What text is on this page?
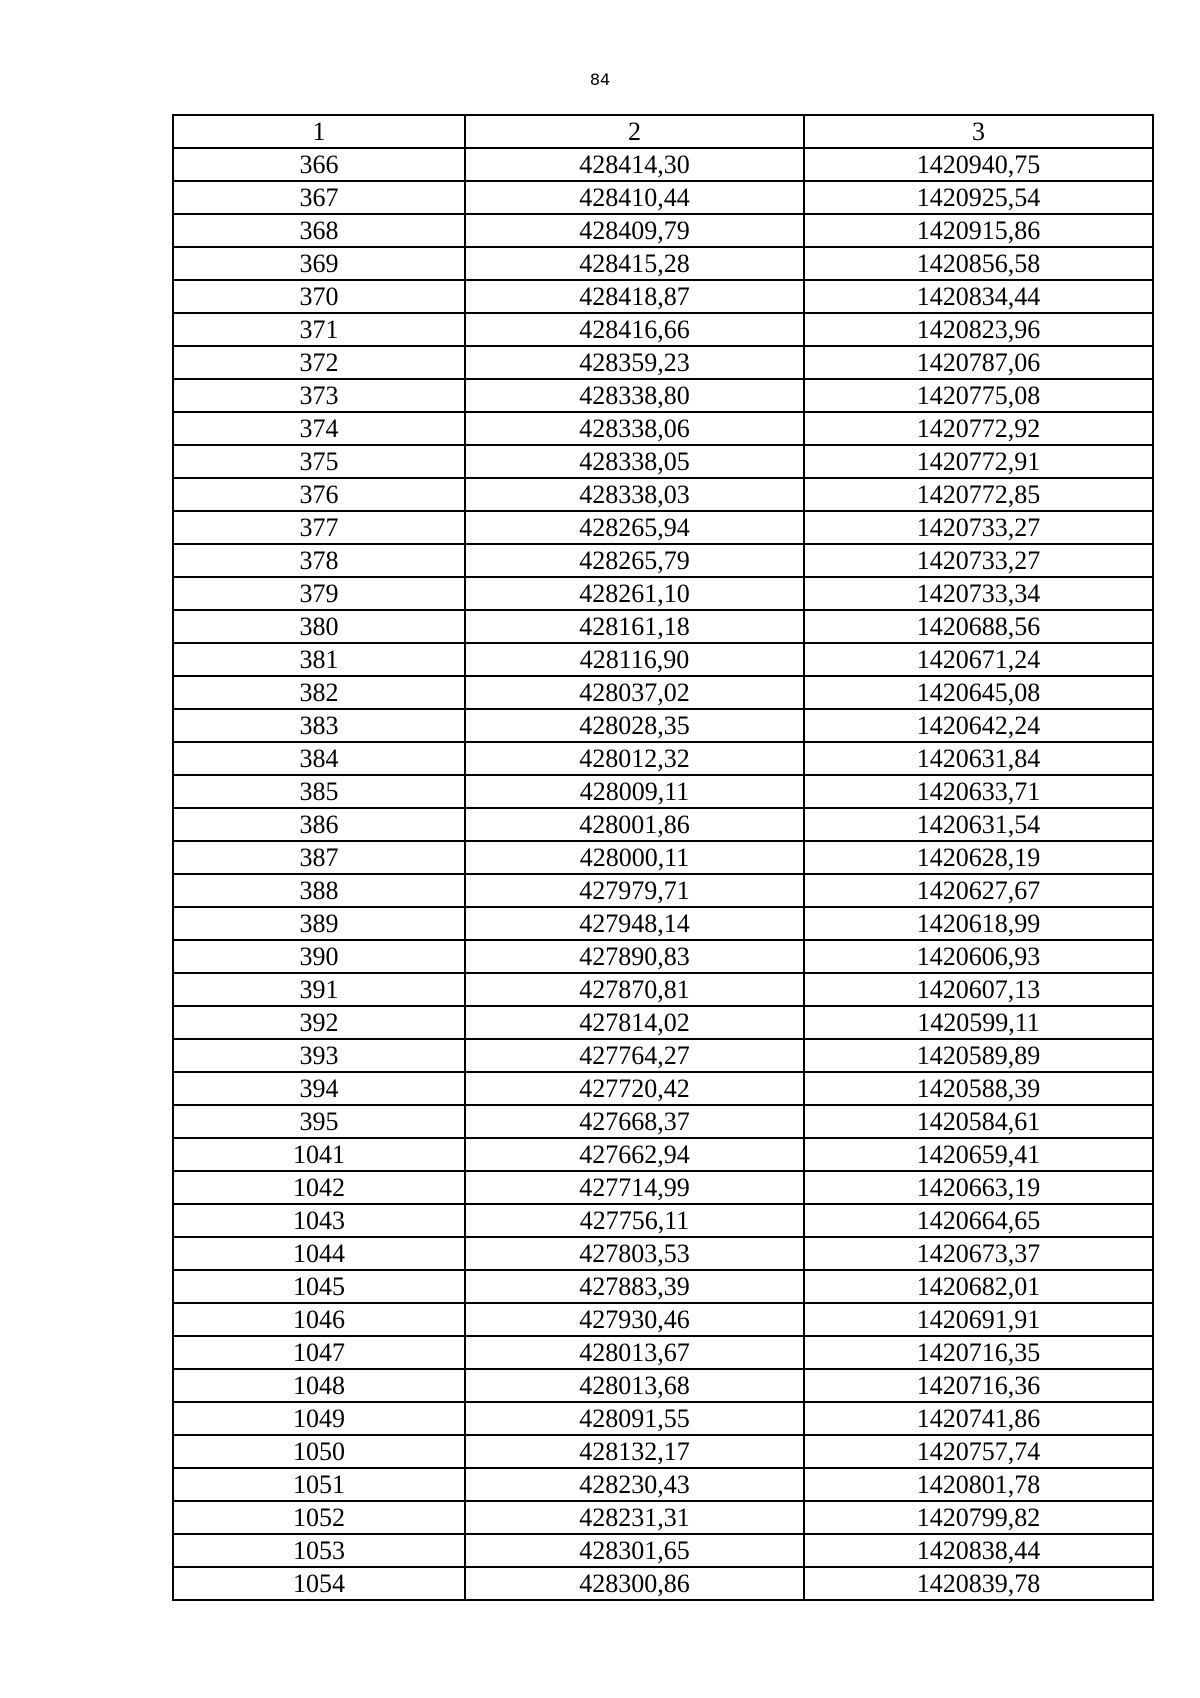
84
1	2	3
366	428414,30	1420940,75
367	428410,44	1420925,54
368	428409,79	1420915,86
369	428415,28	1420856,58
370	428418,87	1420834,44
371	428416,66	1420823,96
372	428359,23	1420787,06
373	428338,80	1420775,08
374	428338,06	1420772,92
375	428338,05	1420772,91
376	428338,03	1420772,85
377	428265,94	1420733,27
378	428265,79	1420733,27
379	428261,10	1420733,34
380	428161,18	1420688,56
381	428116,90	1420671,24
382	428037,02	1420645,08
383	428028,35	1420642,24
384	428012,32	1420631,84
385	428009,11	1420633,71
386	428001,86	1420631,54
387	428000,11	1420628,19
388	427979,71	1420627,67
389	427948,14	1420618,99
390	427890,83	1420606,93
391	427870,81	1420607,13
392	427814,02	1420599,11
393	427764,27	1420589,89
394	427720,42	1420588,39
395	427668,37	1420584,61
1041	427662,94	1420659,41
1042	427714,99	1420663,19
1043	427756,11	1420664,65
1044	427803,53	1420673,37
1045	427883,39	1420682,01
1046	427930,46	1420691,91
1047	428013,67	1420716,35
1048	428013,68	1420716,36
1049	428091,55	1420741,86
1050	428132,17	1420757,74
1051	428230,43	1420801,78
1052	428231,31	1420799,82
1053	428301,65	1420838,44
1054	428300,86	1420839,78
